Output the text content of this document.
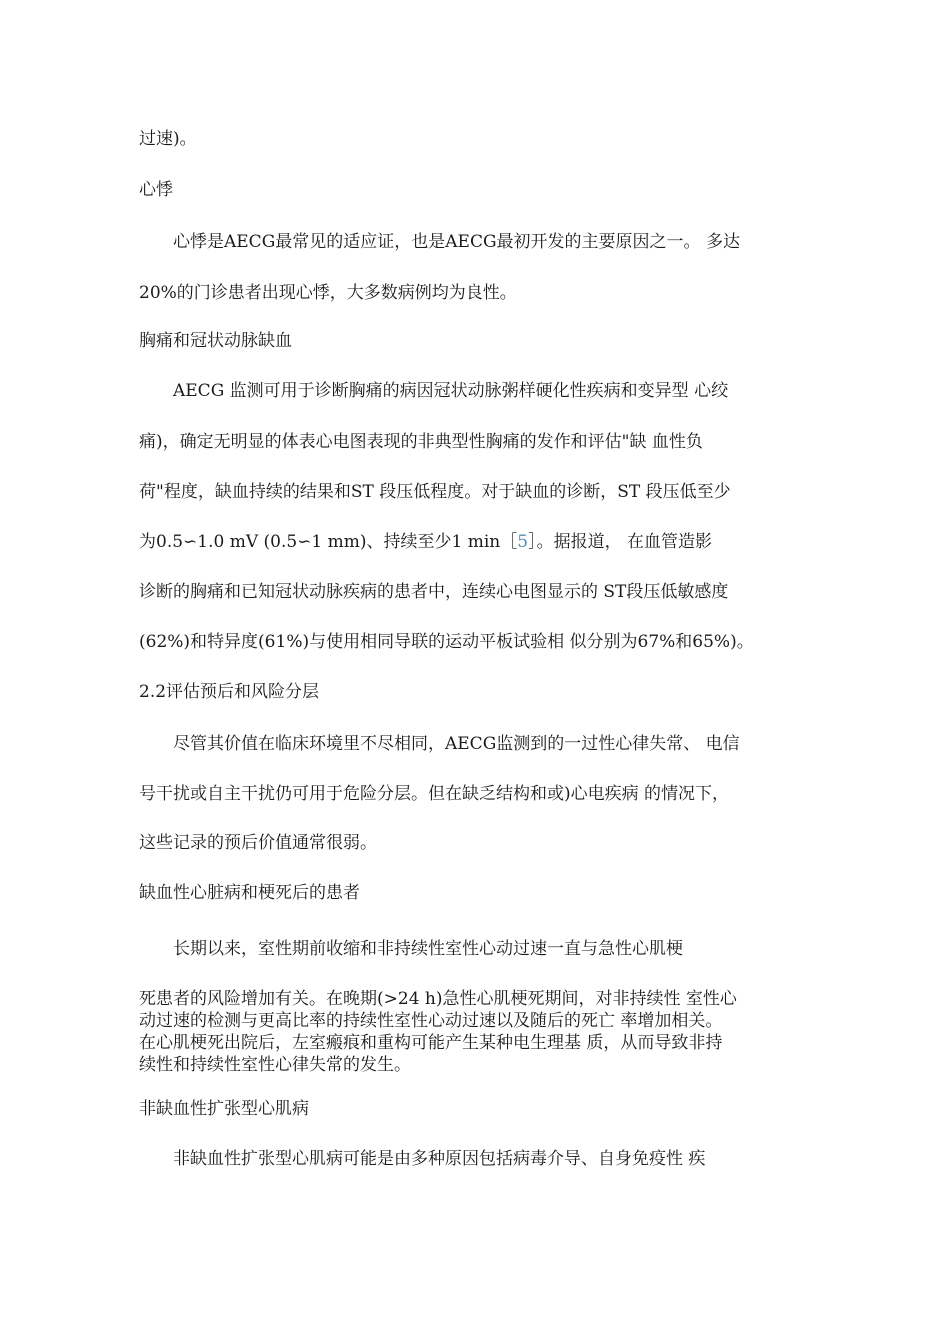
过速)。
心悸
心悸是AECG最常见的适应证，也是AECG最初开发的主要原因之一。 多达
20%的门诊患者出现心悸，大多数病例均为良性。
胸痛和冠状动脉缺血
AECG 监测可用于诊断胸痛的病因冠状动脉粥样硬化性疾病和变异型 心绞
痛)，确定无明显的体表心电图表现的非典型性胸痛的发作和评估"缺 血性负
荷"程度，缺血持续的结果和ST 段压低程度。对于缺血的诊断，ST 段压低至少
为0.5∽1.0 mV (0.5∽1 mm)、持续至少1 min［5］。据报道， 在血管造影
诊断的胸痛和已知冠状动脉疾病的患者中，连续心电图显示的 ST段压低敏感度
(62%)和特异度(61%)与使用相同导联的运动平板试验相 似分别为67%和65%)。
2.2评估预后和风险分层
尽管其价值在临床环境里不尽相同，AECG监测到的一过性心律失常、 电信
号干扰或自主干扰仍可用于危险分层。但在缺乏结构和或)心电疾病 的情况下，
这些记录的预后价值通常很弱。
缺血性心脏病和梗死后的患者
长期以来，室性期前收缩和非持续性室性心动过速一直与急性心肌梗
死患者的风险增加有关。在晚期(>24 h)急性心肌梗死期间，对非持续性 室性心
动过速的检测与更高比率的持续性室性心动过速以及随后的死亡 率增加相关。
在心肌梗死出院后，左室瘢痕和重构可能产生某种电生理基 质，从而导致非持
续性和持续性室性心律失常的发生。
非缺血性扩张型心肌病
非缺血性扩张型心肌病可能是由多种原因包括病毒介导、自身免疫性 疾
